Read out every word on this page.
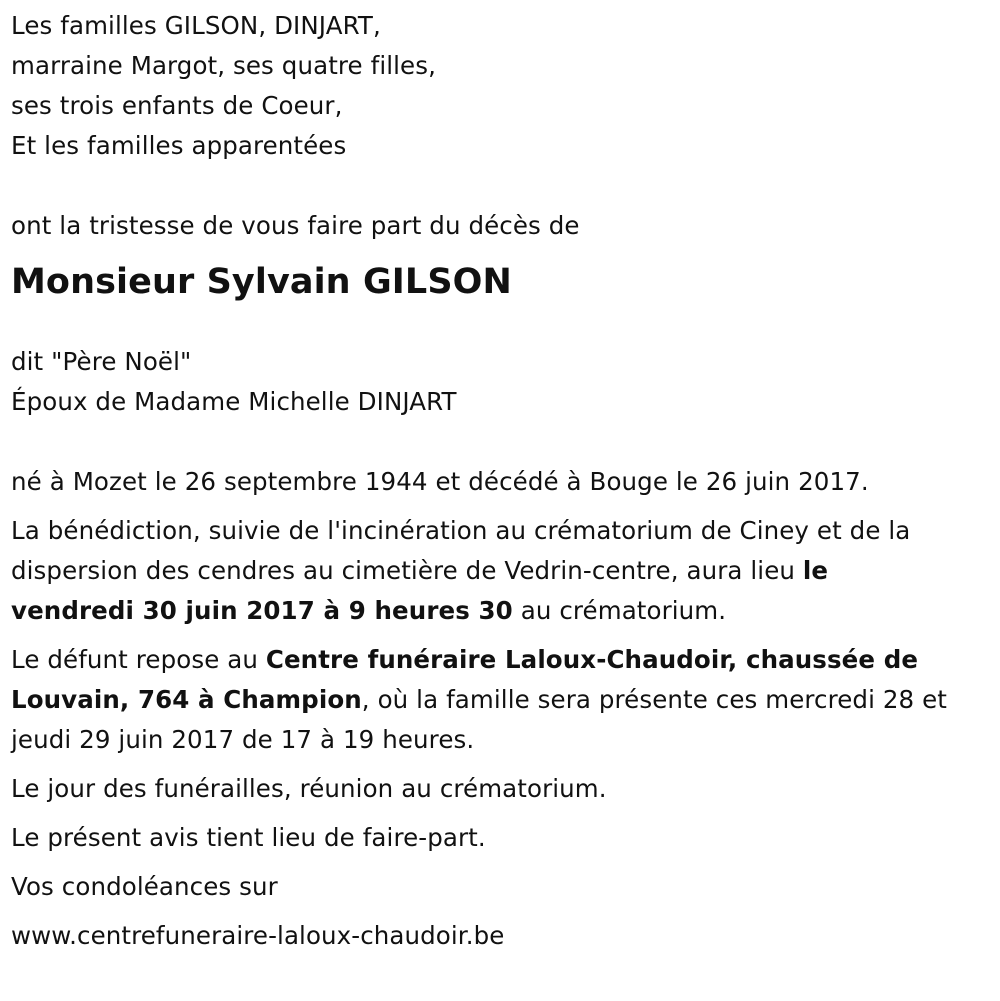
Les familles GILSON, DINJART,
marraine Margot, ses quatre filles,
ses trois enfants de Coeur,
Et les familles apparentées
ont la tristesse de vous faire part du décès de
Monsieur Sylvain GILSON
dit "Père Noël"
Époux de Madame Michelle DINJART
né à Mozet le 26 septembre 1944 et décédé à Bouge le 26 juin 2017.
La bénédiction, suivie de l'incinération au crématorium de Ciney et de la
dispersion des cendres au cimetière de Vedrin-centre, aura lieu le
vendredi 30 juin 2017 à 9 heures 30 au crématorium.
Le défunt repose au Centre funéraire Laloux-Chaudoir, chaussée de
Louvain, 764 à Champion, où la famille sera présente ces mercredi 28 et
jeudi 29 juin 2017 de 17 à 19 heures.
Le jour des funérailles, réunion au crématorium.
Le présent avis tient lieu de faire-part.
Vos condoléances sur
www.centrefuneraire-laloux-chaudoir.be
